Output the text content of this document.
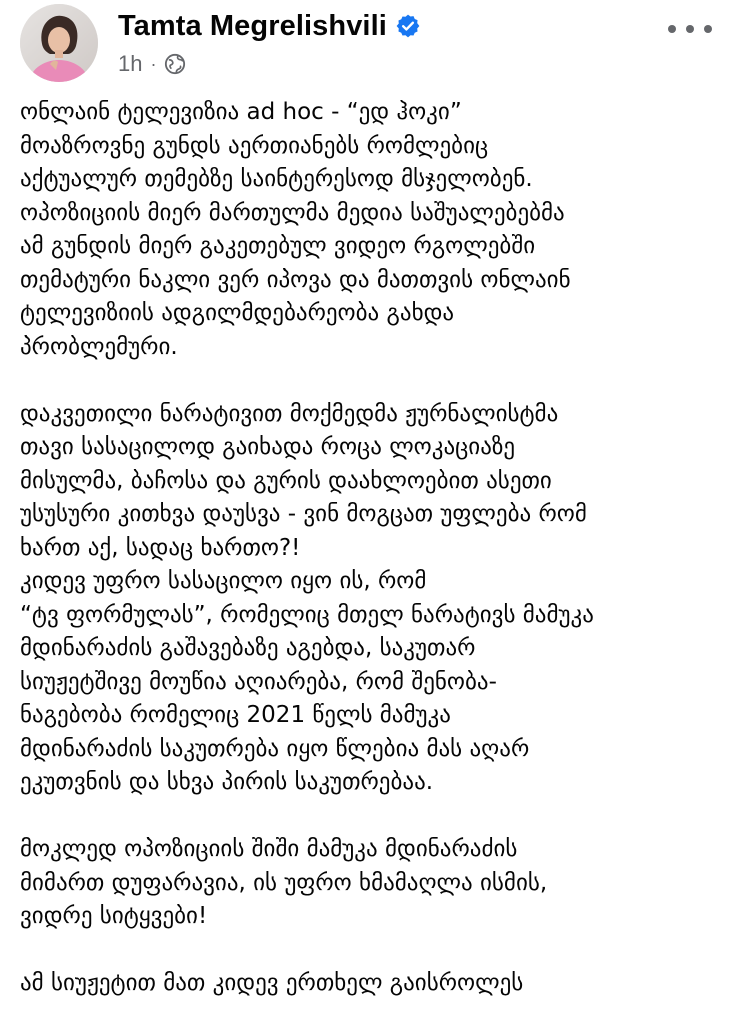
Tamta Megrelishvili
1h ·

ონლაინ ტელევიზია ad hoc - “ედ ჰოკი”
მოაზროვნე გუნდს აერთიანებს რომლებიც
აქტუალურ თემებზე საინტერესოდ მსჯელობენ.
ოპოზიციის მიერ მართულმა მედია საშუალებებმა
ამ გუნდის მიერ გაკეთებულ ვიდეო რგოლებში
თემატური ნაკლი ვერ იპოვა და მათთვის ონლაინ
ტელევიზიის ადგილმდებარეობა გახდა
პრობლემური.

დაკვეთილი ნარატივით მოქმედმა ჟურნალისტმა
თავი სასაცილოდ გაიხადა როცა ლოკაციაზე
მისულმა, ბაჩოსა და გურის დაახლოებით ასეთი
უსუსური კითხვა დაუსვა - ვინ მოგცათ უფლება რომ
ხართ აქ, სადაც ხართო?!
კიდევ უფრო სასაცილო იყო ის, რომ
“ტვ ფორმულას”, რომელიც მთელ ნარატივს მამუკა
მდინარაძის გაშავებაზე აგებდა, საკუთარ
სიუჟეტშივე მოუწია აღიარება, რომ შენობა-
ნაგებობა რომელიც 2021 წელს მამუკა
მდინარაძის საკუთრება იყო წლებია მას აღარ
ეკუთვნის და სხვა პირის საკუთრებაა.

მოკლედ ოპოზიციის შიში მამუკა მდინარაძის
მიმართ დუფარავია, ის უფრო ხმამაღლა ისმის,
ვიდრე სიტყვები!

ამ სიუჟეტით მათ კიდევ ერთხელ გაისროლეს
